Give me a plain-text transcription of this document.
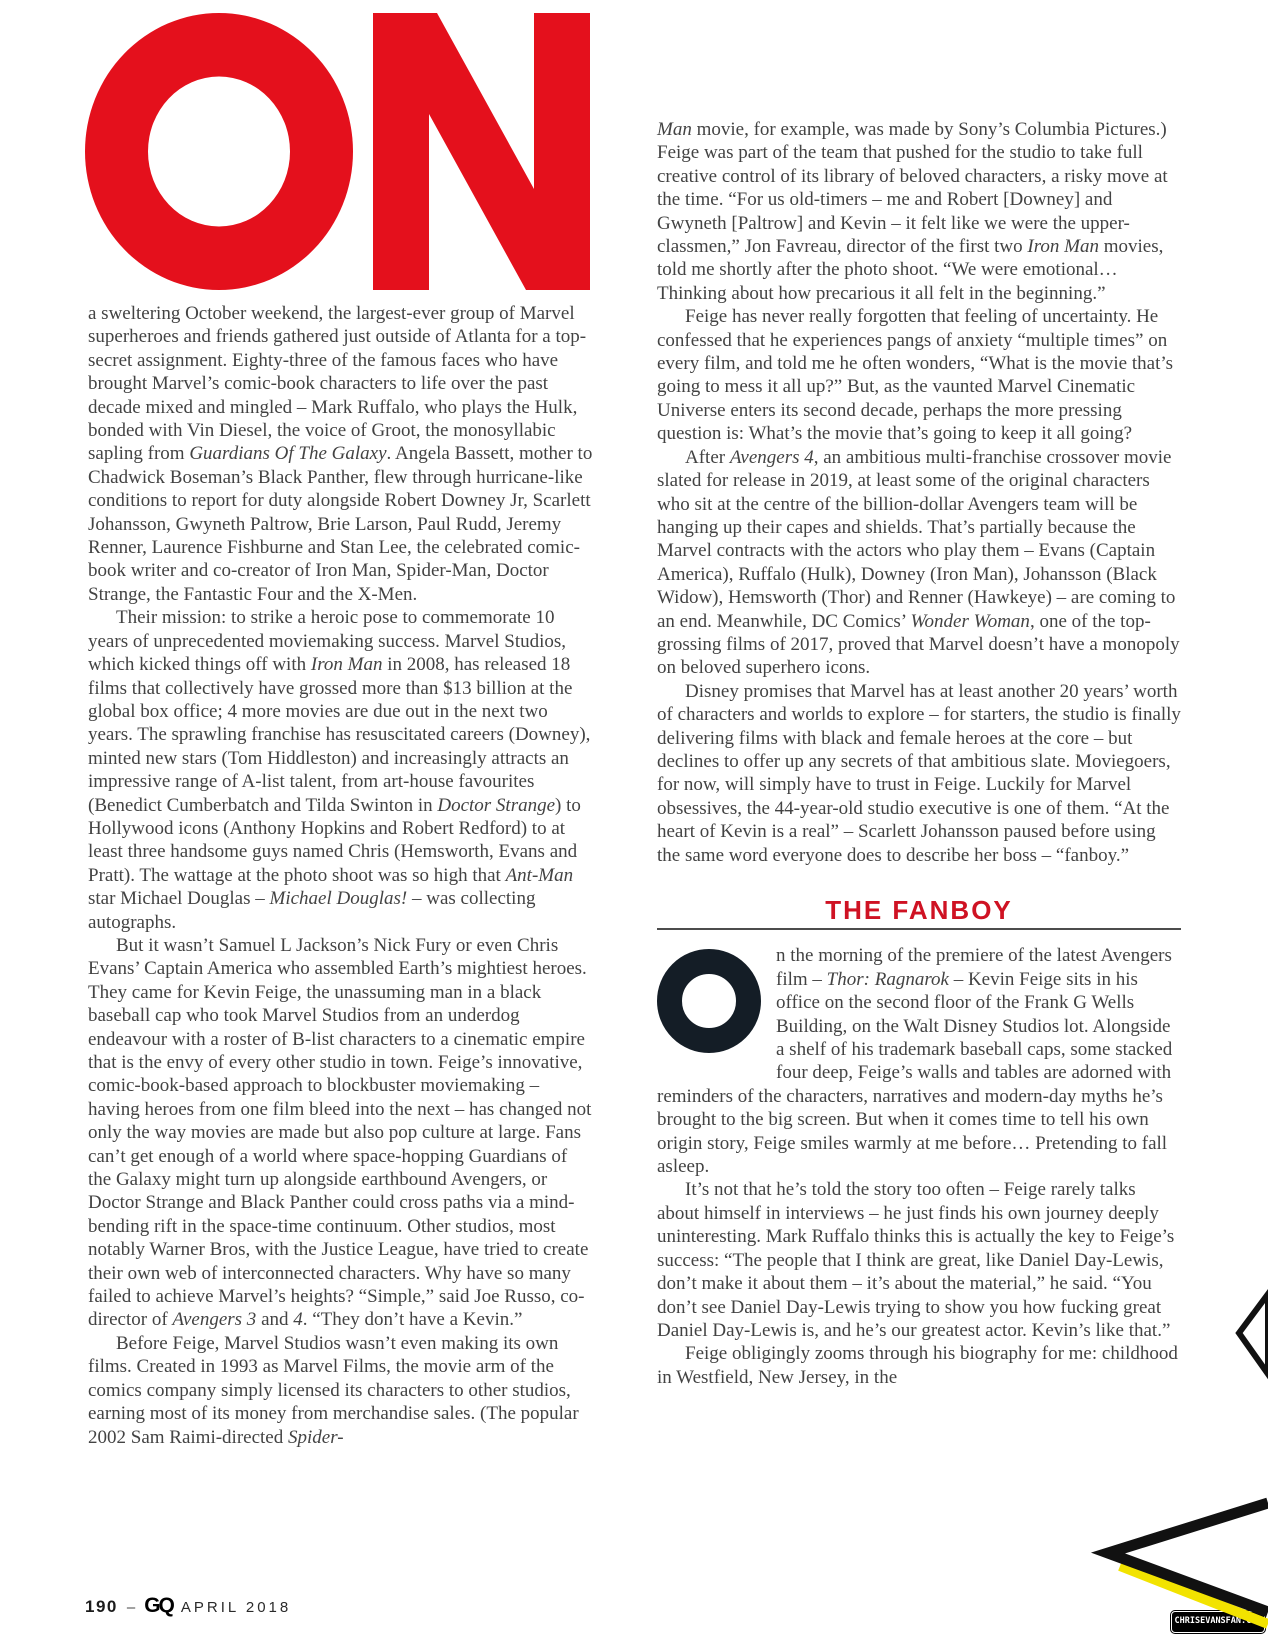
a sweltering October weekend, the largest-ever group of Marvel superheroes and friends gathered just outside of Atlanta for a top-secret assignment. Eighty-three of the famous faces who have brought Marvel’s comic-book characters to life over the past decade mixed and mingled – Mark Ruffalo, who plays the Hulk, bonded with Vin Diesel, the voice of Groot, the monosyllabic sapling from Guardians Of The Galaxy. Angela Bassett, mother to Chadwick Boseman’s Black Panther, flew through hurricane-like conditions to report for duty alongside Robert Downey Jr, Scarlett Johansson, Gwyneth Paltrow, Brie Larson, Paul Rudd, Jeremy Renner, Laurence Fishburne and Stan Lee, the celebrated comic-book writer and co-creator of Iron Man, Spider-Man, Doctor Strange, the Fantastic Four and the X-Men.

Their mission: to strike a heroic pose to commemorate 10 years of unprecedented moviemaking success. Marvel Studios, which kicked things off with Iron Man in 2008, has released 18 films that collectively have grossed more than $13 billion at the global box office; 4 more movies are due out in the next two years. The sprawling franchise has resuscitated careers (Downey), minted new stars (Tom Hiddleston) and increasingly attracts an impressive range of A-list talent, from art-house favourites (Benedict Cumberbatch and Tilda Swinton in Doctor Strange) to Hollywood icons (Anthony Hopkins and Robert Redford) to at least three handsome guys named Chris (Hemsworth, Evans and Pratt). The wattage at the photo shoot was so high that Ant-Man star Michael Douglas – Michael Douglas! – was collecting autographs.

But it wasn’t Samuel L Jackson’s Nick Fury or even Chris Evans’ Captain America who assembled Earth’s mightiest heroes. They came for Kevin Feige, the unassuming man in a black baseball cap who took Marvel Studios from an underdog endeavour with a roster of B-list characters to a cinematic empire that is the envy of every other studio in town. Feige’s innovative, comic-book-based approach to blockbuster moviemaking – having heroes from one film bleed into the next – has changed not only the way movies are made but also pop culture at large. Fans can’t get enough of a world where space-hopping Guardians of the Galaxy might turn up alongside earthbound Avengers, or Doctor Strange and Black Panther could cross paths via a mind-bending rift in the space-time continuum. Other studios, most notably Warner Bros, with the Justice League, have tried to create their own web of interconnected characters. Why have so many failed to achieve Marvel’s heights? “Simple,” said Joe Russo, co-director of Avengers 3 and 4. “They don’t have a Kevin.”

Before Feige, Marvel Studios wasn’t even making its own films. Created in 1993 as Marvel Films, the movie arm of the comics company simply licensed its characters to other studios, earning most of its money from merchandise sales. (The popular 2002 Sam Raimi-directed Spider-

Man movie, for example, was made by Sony’s Columbia Pictures.) Feige was part of the team that pushed for the studio to take full creative control of its library of beloved characters, a risky move at the time. “For us old-timers – me and Robert [Downey] and Gwyneth [Paltrow] and Kevin – it felt like we were the upper-classmen,” Jon Favreau, director of the first two Iron Man movies, told me shortly after the photo shoot. “We were emotional… Thinking about how precarious it all felt in the beginning.”

Feige has never really forgotten that feeling of uncertainty. He confessed that he experiences pangs of anxiety “multiple times” on every film, and told me he often wonders, “What is the movie that’s going to mess it all up?” But, as the vaunted Marvel Cinematic Universe enters its second decade, perhaps the more pressing question is: What’s the movie that’s going to keep it all going?

After Avengers 4, an ambitious multi-franchise crossover movie slated for release in 2019, at least some of the original characters who sit at the centre of the billion-dollar Avengers team will be hanging up their capes and shields. That’s partially because the Marvel contracts with the actors who play them – Evans (Captain America), Ruffalo (Hulk), Downey (Iron Man), Johansson (Black Widow), Hemsworth (Thor) and Renner (Hawkeye) – are coming to an end. Meanwhile, DC Comics’ Wonder Woman, one of the top-grossing films of 2017, proved that Marvel doesn’t have a monopoly on beloved superhero icons.

Disney promises that Marvel has at least another 20 years’ worth of characters and worlds to explore – for starters, the studio is finally delivering films with black and female heroes at the core – but declines to offer up any secrets of that ambitious slate. Moviegoers, for now, will simply have to trust in Feige. Luckily for Marvel obsessives, the 44-year-old studio executive is one of them. “At the heart of Kevin is a real” – Scarlett Johansson paused before using the same word everyone does to describe her boss – “fanboy.”

THE FANBOY

n the morning of the premiere of the latest Avengers film – Thor: Ragnarok – Kevin Feige sits in his office on the second floor of the Frank G Wells Building, on the Walt Disney Studios lot. Alongside a shelf of his trademark baseball caps, some stacked four deep, Feige’s walls and tables are adorned with reminders of the characters, narratives and modern-day myths he’s brought to the big screen. But when it comes time to tell his own origin story, Feige smiles warmly at me before… Pretending to fall asleep.

It’s not that he’s told the story too often – Feige rarely talks about himself in interviews – he just finds his own journey deeply uninteresting. Mark Ruffalo thinks this is actually the key to Feige’s success: “The people that I think are great, like Daniel Day-Lewis, don’t make it about them – it’s about the material,” he said. “You don’t see Daniel Day-Lewis trying to show you how fucking great Daniel Day-Lewis is, and he’s our greatest actor. Kevin’s like that.”

Feige obligingly zooms through his biography for me: childhood in Westfield, New Jersey, in the

190 – GQ APRIL 2018
CHRISEVANSFAN.COM
